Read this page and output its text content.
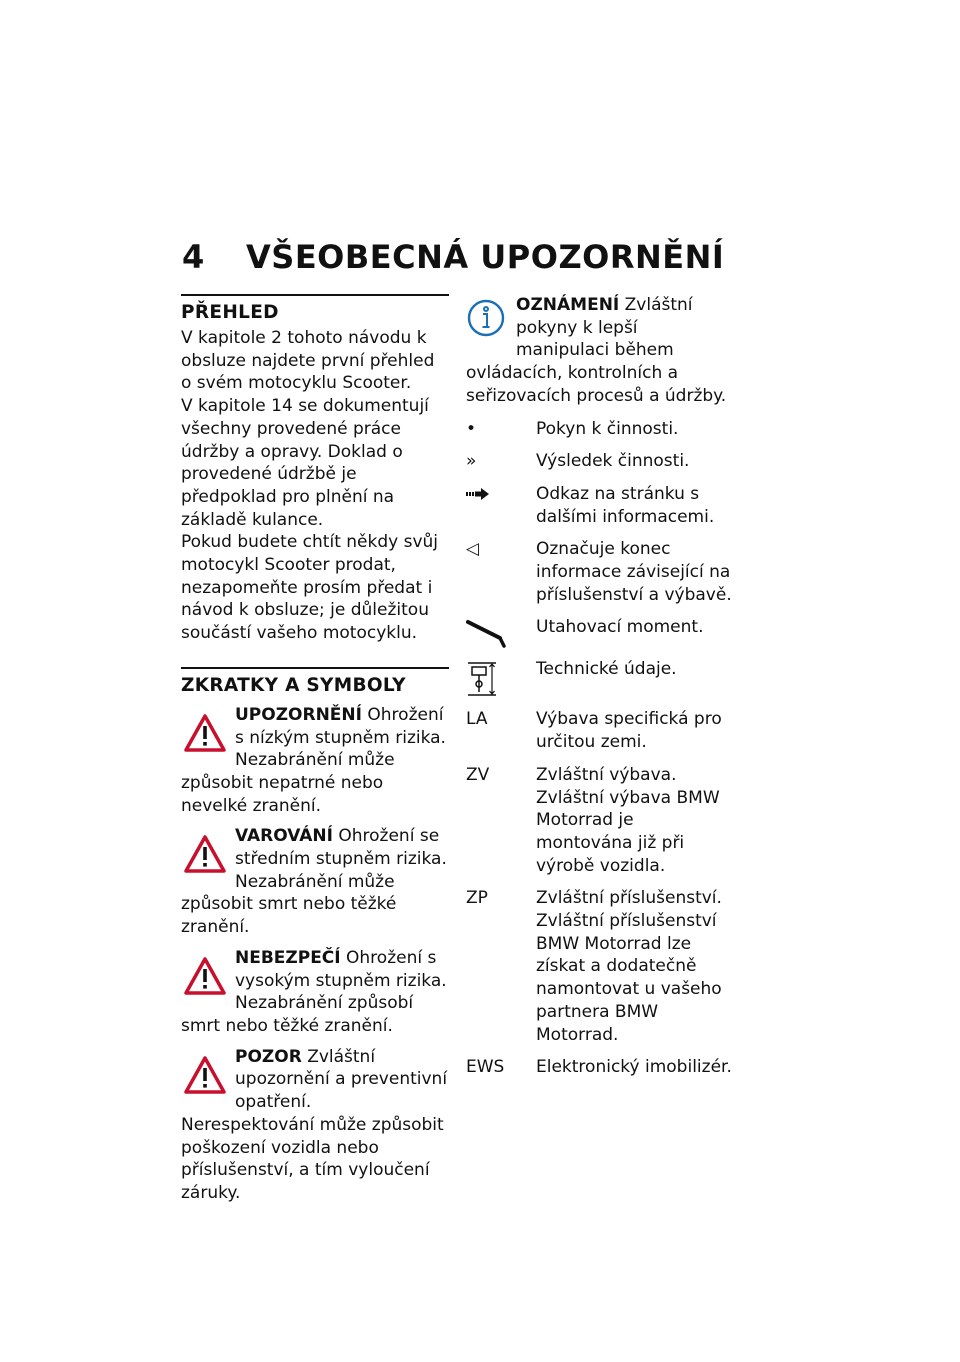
4 VŠEOBECNÁ UPOZORNĚNÍ
PŘEHLED

V kapitole 2 tohoto návodu k obsluze najdete první přehled o svém motocyklu Scooter.

V kapitole 14 se dokumentují všechny provedené práce údržby a opravy. Doklad o provedené údržbě je předpoklad pro plnění na základě kulance.

Pokud budete chtít někdy svůj motocykl Scooter prodat, nezapomeňte prosím předat i návod k obsluze; je důležitou součástí vašeho motocyklu.

ZKRATKY A SYMBOLY

UPOZORNĚNÍ Ohrožení s nízkým stupněm rizika.

Nezabránění může způsobit nepatrné nebo nevelké zranění.

VAROVÁNÍ Ohrožení se středním stupněm rizika.

Nezabránění může způsobit smrt nebo těžké zranění.

NEBEZPEČÍ Ohrožení s vysokým stupněm rizika.

Nezabránění způsobí smrt nebo těžké zranění.

POZOR Zvláštní upozornění a preventivní opatření.

Nerespektování může způsobit poškození vozidla nebo příslušenství, a tím vyloučení záruky.

OZNÁMENÍ Zvláštní pokyny k lepší manipulaci během ovládacích, kontrolních a seřizovacích procesů a údržby.

•	Pokyn k činnosti.
»	Výsledek činnosti.
Odkaz na stránku s dalšími informacemi.
◁	Označuje konec informace závisející na příslušenství a výbavě.
Utahovací moment.
Technické údaje.
LA	Výbava specifická pro určitou zemi.
ZV	Zvláštní výbava.
Zvláštní výbava BMW Motorrad je montována již při výrobě vozidla.
ZP	Zvláštní příslušenství.
Zvláštní příslušenství BMW Motorrad lze získat a dodatečně namontovat u vašeho partnera BMW Motorrad.
EWS	Elektronický imobilizér.
